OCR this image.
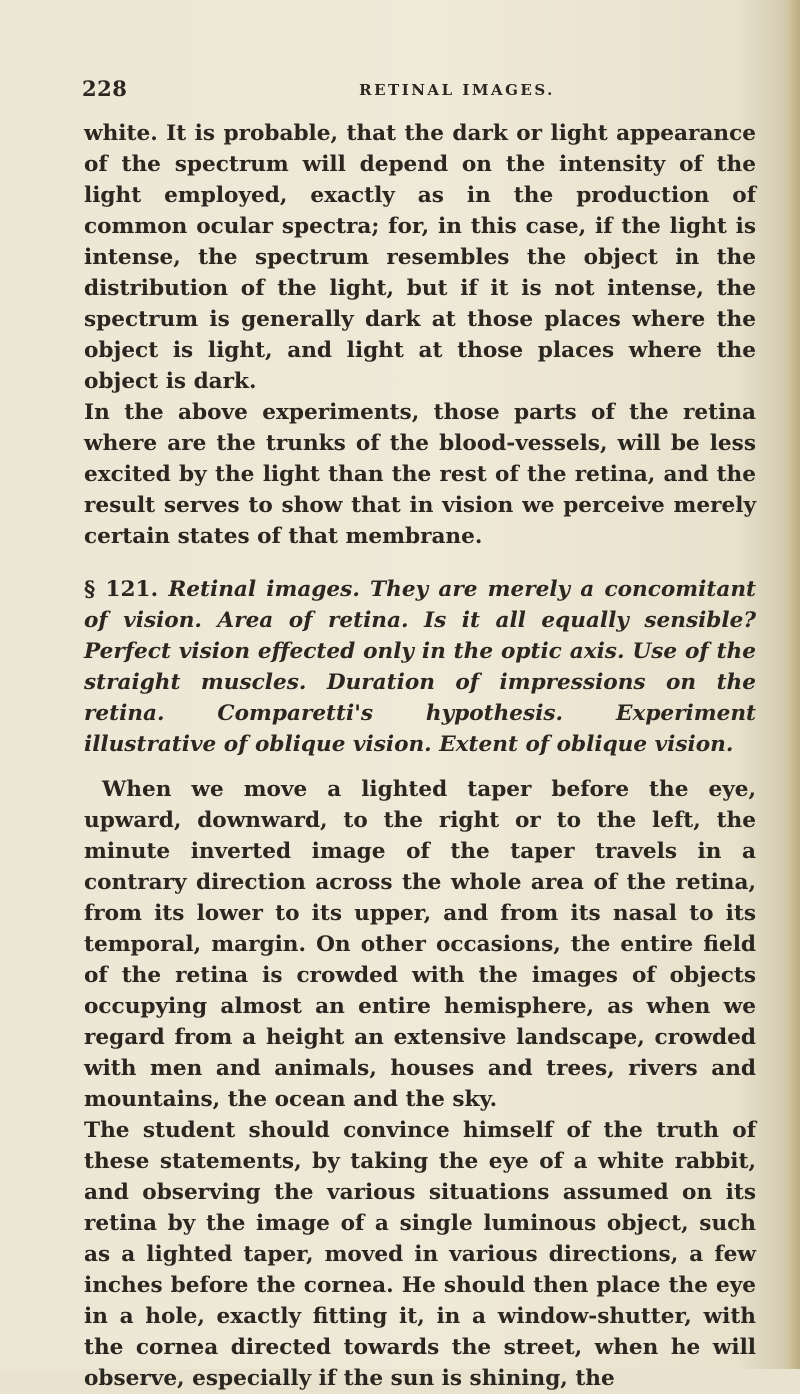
228	RETINAL IMAGES.

white. It is probable, that the dark or light appearance of the spectrum will depend on the intensity of the light employed, exactly as in the production of common ocular spectra; for, in this case, if the light is intense, the spectrum resembles the object in the distribution of the light, but if it is not intense, the spectrum is generally dark at those places where the object is light, and light at those places where the object is dark.

In the above experiments, those parts of the retina where are the trunks of the blood-vessels, will be less excited by the light than the rest of the retina, and the result serves to show that in vision we perceive merely certain states of that membrane.

§ 121. Retinal images. They are merely a concomitant of vision. Area of retina. Is it all equally sensible? Perfect vision effected only in the optic axis. Use of the straight muscles. Duration of impressions on the retina. Comparetti's hypothesis. Experiment illustrative of oblique vision. Extent of oblique vision.

When we move a lighted taper before the eye, upward, downward, to the right or to the left, the minute inverted image of the taper travels in a contrary direction across the whole area of the retina, from its lower to its upper, and from its nasal to its temporal, margin. On other occasions, the entire field of the retina is crowded with the images of objects occupying almost an entire hemisphere, as when we regard from a height an extensive landscape, crowded with men and animals, houses and trees, rivers and mountains, the ocean and the sky.

The student should convince himself of the truth of these statements, by taking the eye of a white rabbit, and observing the various situations assumed on its retina by the image of a single luminous object, such as a lighted taper, moved in various directions, a few inches before the cornea. He should then place the eye in a hole, exactly fitting it, in a window-shutter, with the cornea directed towards the street, when he will observe, especially if the sun is shining, the
